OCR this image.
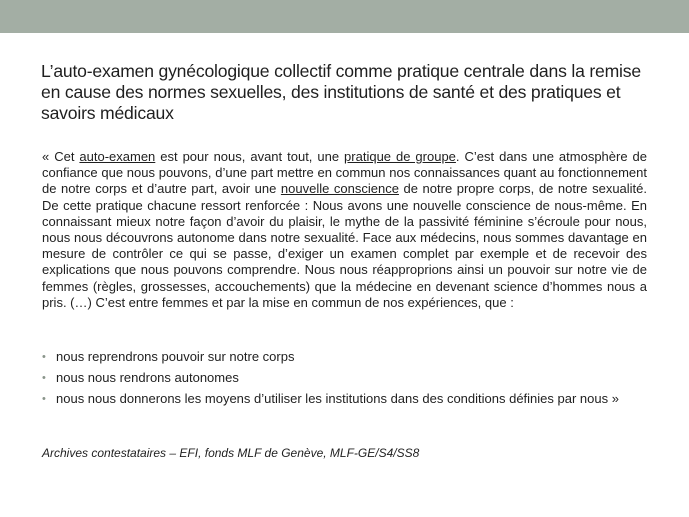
L’auto-examen gynécologique collectif comme pratique centrale dans la remise en cause des normes sexuelles, des institutions de santé et des pratiques et savoirs médicaux

« Cet auto-examen est pour nous, avant tout, une pratique de groupe. C’est dans une atmosphère de confiance que nous pouvons, d’une part mettre en commun nos connaissances quant au fonctionnement de notre corps et d’autre part, avoir une nouvelle conscience de notre propre corps, de notre sexualité. De cette pratique chacune ressort renforcée : Nous avons une nouvelle conscience de nous-même. En connaissant mieux notre façon d’avoir du plaisir, le mythe de la passivité féminine s’écroule pour nous, nous nous découvrons autonome dans notre sexualité. Face aux médecins, nous sommes davantage en mesure de contrôler ce qui se passe, d’exiger un examen complet par exemple et de recevoir des explications que nous pouvons comprendre. Nous nous réapproprions ainsi un pouvoir sur notre vie de femmes (règles, grossesses, accouchements) que la médecine en devenant science d’hommes nous a pris. (…) C’est entre femmes et par la mise en commun de nos expériences, que :

• nous reprendrons pouvoir sur notre corps
• nous nous rendrons autonomes
• nous nous donnerons les moyens d’utiliser les institutions dans des conditions définies par nous »

Archives contestataires – EFI, fonds MLF de Genève, MLF-GE/S4/SS8
